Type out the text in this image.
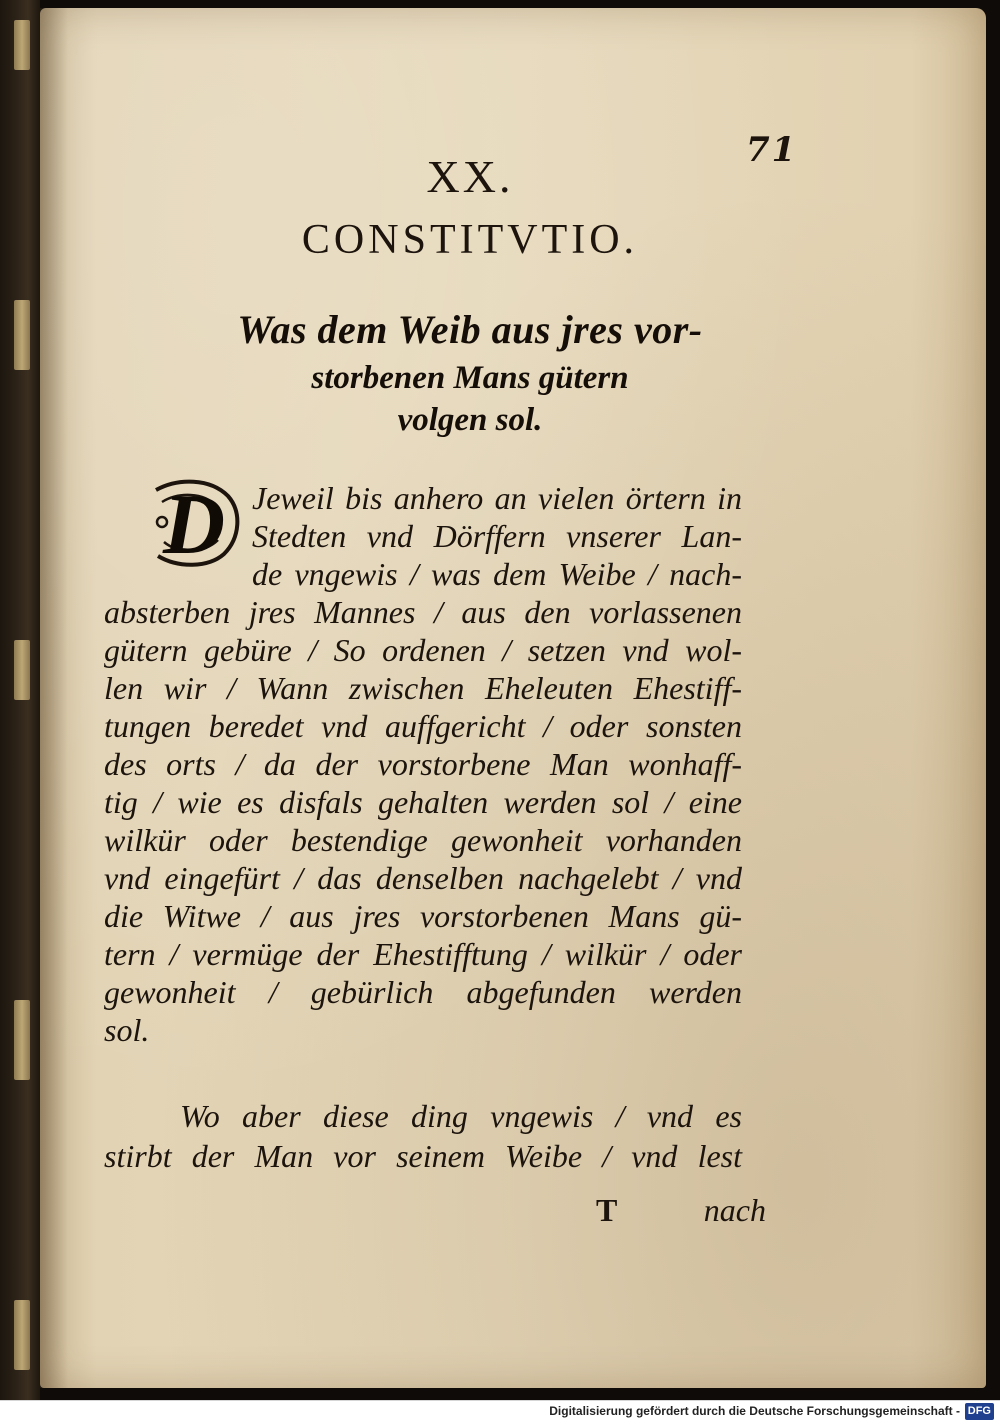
71
XX.
CONSTITVTIO.
Was dem Weib aus jres vor-
storbenen Mans gütern
volgen sol.
D Jeweil bis anhero an vielen örtern in
Stedten vnd Dörffern vnserer Lan-
de vngewis / was dem Weibe / nach-
absterben jres Mannes / aus den vorlassenen
gütern gebüre / So ordenen / setzen vnd wol-
len wir / Wann zwischen Eheleuten Ehestiff-
tungen beredet vnd auffgericht / oder sonsten
des orts / da der vorstorbene Man wonhaff-
tig / wie es disfals gehalten werden sol / eine
wilkür oder bestendige gewonheit vorhanden
vnd eingefürt / das denselben nachgelebt / vnd
die Witwe / aus jres vorstorbenen Mans gü-
tern / vermüge der Ehestifftung / wilkür / oder
gewonheit / gebürlich abgefunden werden
sol.
Wo aber diese ding vngewis / vnd es
stirbt der Man vor seinem Weibe / vnd lest
T	nach
Digitalisierung gefördert durch die Deutsche Forschungsgemeinschaft - DFG
